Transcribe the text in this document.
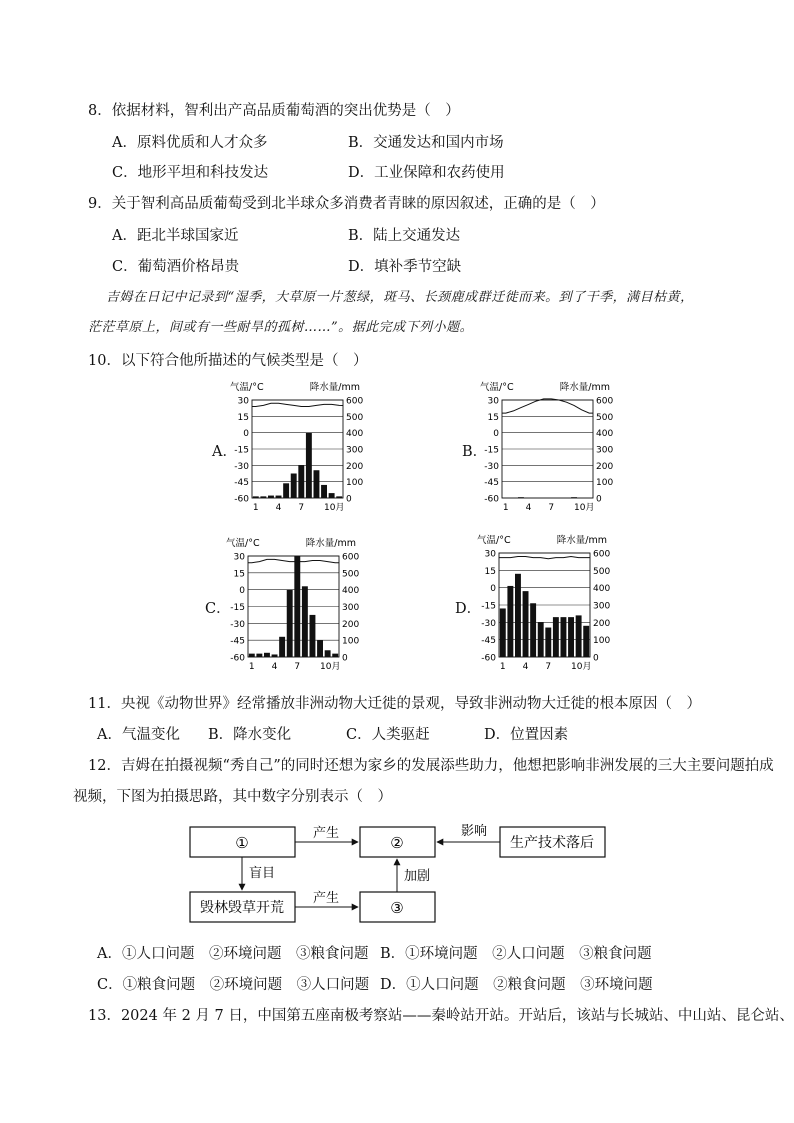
8．依据材料，智利出产高品质葡萄酒的突出优势是（　）
A．原料优质和人才众多	B．交通发达和国内市场
C．地形平坦和科技发达	D．工业保障和农药使用
9．关于智利高品质葡萄受到北半球众多消费者青睐的原因叙述，正确的是（　）
A．距北半球国家近	B．陆上交通发达
C．葡萄酒价格昂贵	D．填补季节空缺
吉姆在日记中记录到“湿季，大草原一片葱绿，斑马、长颈鹿成群迁徙而来。到了干季，满目枯黄，
茫茫草原上，间或有一些耐旱的孤树……”。据此完成下列小题。
10．以下符合他所描述的气候类型是（　）
A．
气温/°C	降水量/mm
30	600
15	500
0	400
-15	300
-30	200
-45	100
-60	0
1 4 7 10月
B．
气温/°C	降水量/mm
30	600
15	500
0	400
-15	300
-30	200
-45	100
-60	0
1 4 7 10月
C．
气温/°C	降水量/mm
30	600
15	500
0	400
-15	300
-30	200
-45	100
-60	0
1 4 7 10月
D．
气温/°C	降水量/mm
30	600
15	500
0	400
-15	300
-30	200
-45	100
-60	0
1 4 7 10月
11．央视《动物世界》经常播放非洲动物大迁徙的景观，导致非洲动物大迁徙的根本原因（　）
A．气温变化 B．降水变化	C．人类驱赶	D．位置因素
12．吉姆在拍摄视频“秀自己”的同时还想为家乡的发展添些助力，他想把影响非洲发展的三大主要问题拍成
视频，下图为拍摄思路，其中数字分别表示（　）
①	②	生产技术落后
毁林毁草开荒	③
产生	影响
盲目
产生
加剧
A．①人口问题　②环境问题　③粮食问题 B．①环境问题　②人口问题　③粮食问题
C．①粮食问题　②环境问题　③人口问题 D．①人口问题　②粮食问题　③环境问题
13．2024 年 2 月 7 日，中国第五座南极考察站——秦岭站开站。开站后，该站与长城站、中山站、昆仑站、
